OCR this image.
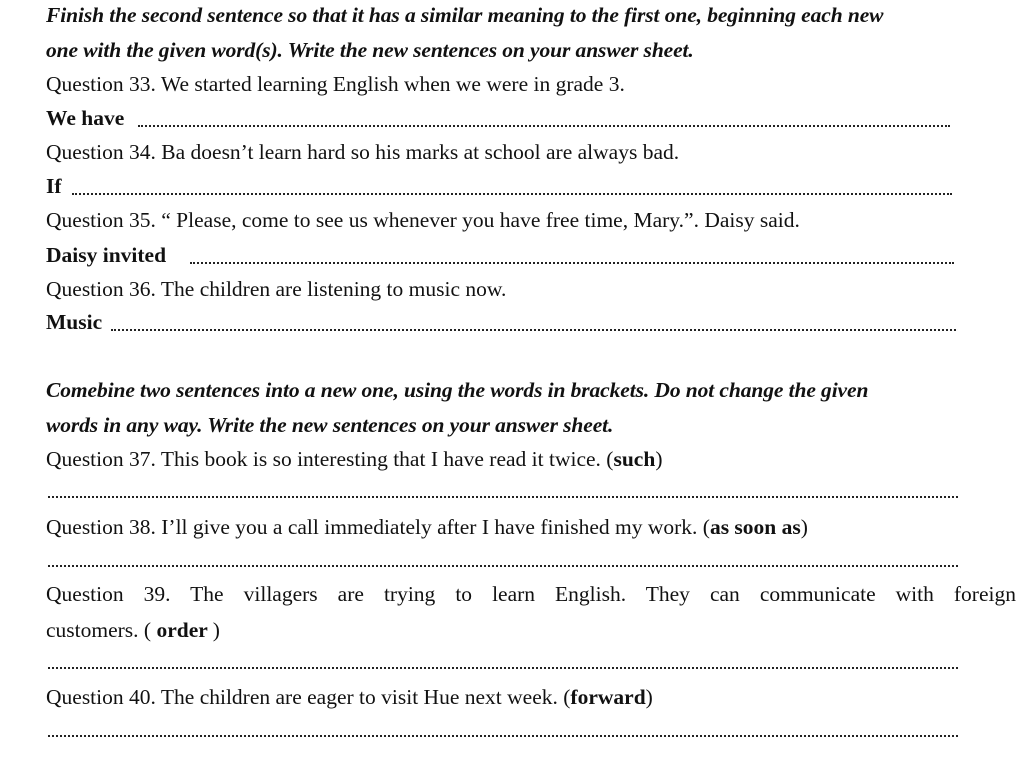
Finish the second sentence so that it has a similar meaning to the first one, beginning each new
one with the given word(s). Write the new sentences on your answer sheet.
Question 33. We started learning English when we were in grade 3.
We have
Question 34. Ba doesn’t learn hard so his marks at school are always bad.
If
Question 35. “ Please, come to see us whenever you have free time, Mary.”. Daisy said.
Daisy invited
Question 36. The children are listening to music now.
Music
Comebine two sentences into a new one, using the words in brackets. Do not change the given
words in any way. Write the new sentences on your answer sheet.
Question 37. This book is so interesting that I have read it twice. (such)
Question 38. I’ll give you a call immediately after I have finished my work. (as soon as)
Question 39. The villagers are trying to learn English. They can communicate with foreign
customers. ( order )
Question 40. The children are eager to visit Hue next week. (forward)
